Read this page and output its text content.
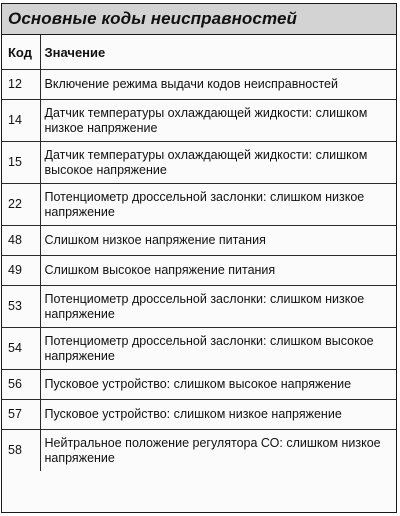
Основные коды неисправностей
Код	Значение
12	Включение режима выдачи кодов неисправностей
14	Датчик температуры охлаждающей жидкости: слишком низкое напряжение
15	Датчик температуры охлаждающей жидкости: слишком высокое напряжение
22	Потенциометр дроссельной заслонки: слишком низкое напряжение
48	Слишком низкое напряжение питания
49	Слишком высокое напряжение питания
53	Потенциометр дроссельной заслонки: слишком низкое напряжение
54	Потенциометр дроссельной заслонки: слишком высокое напряжение
56	Пусковое устройство: слишком высокое напряжение
57	Пусковое устройство: слишком низкое напряжение
58	Нейтральное положение регулятора СО: слишком низкое напряжение
